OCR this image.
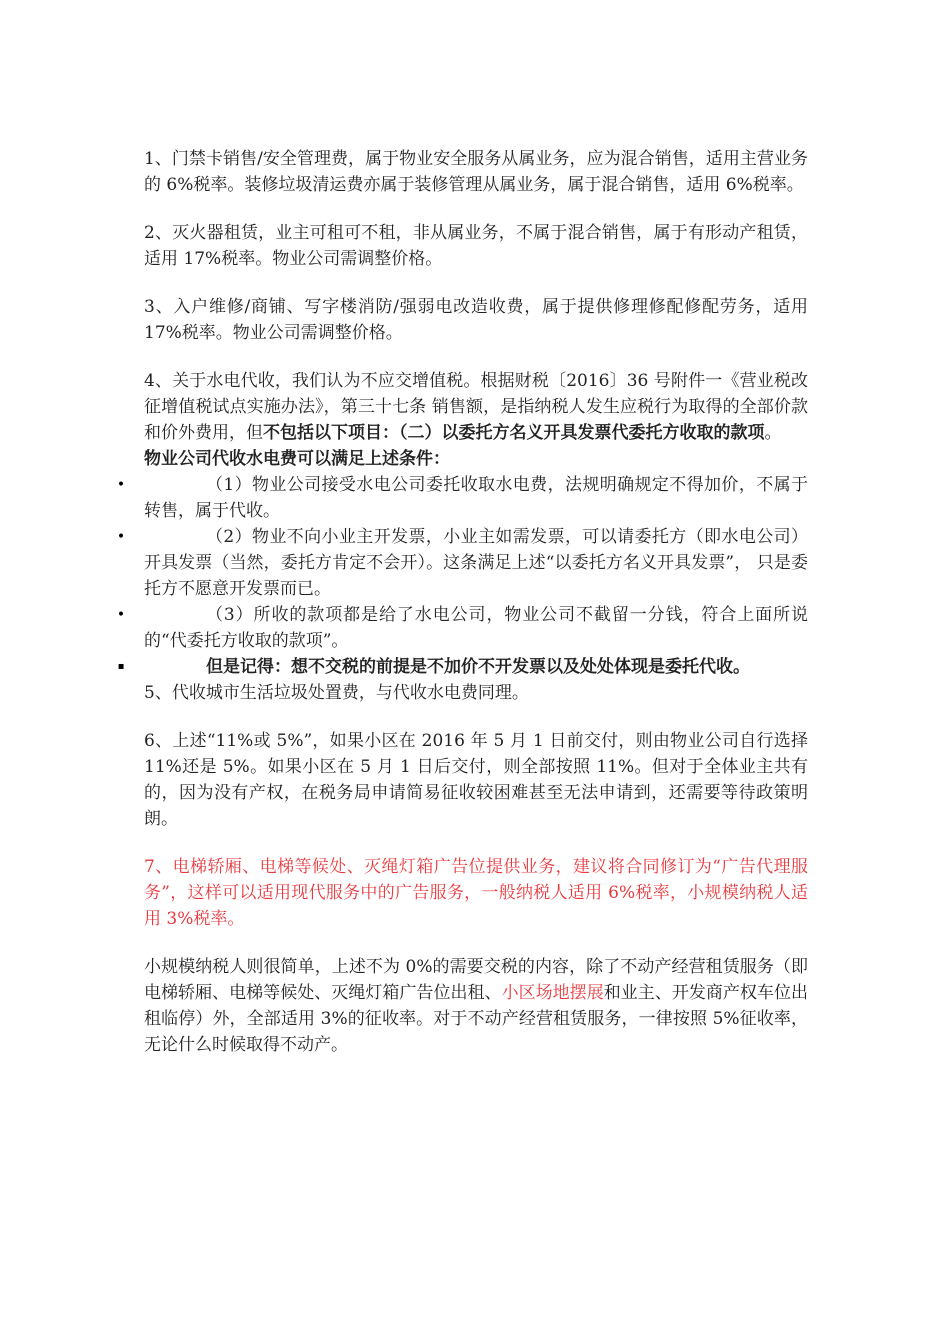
1、门禁卡销售/安全管理费，属于物业安全服务从属业务，应为混合销售，适用主营业务的 6%税率。装修垃圾清运费亦属于装修管理从属业务，属于混合销售，适用 6%税率。

2、灭火器租赁，业主可租可不租，非从属业务，不属于混合销售，属于有形动产租赁，适用 17%税率。物业公司需调整价格。

3、入户维修/商铺、写字楼消防/强弱电改造收费，属于提供修理修配修配劳务，适用 17%税率。物业公司需调整价格。

4、关于水电代收，我们认为不应交增值税。根据财税〔2016〕36 号附件一《营业税改征增值税试点实施办法》，第三十七条 销售额，是指纳税人发生应税行为取得的全部价款和价外费用，但不包括以下项目：（二）以委托方名义开具发票代委托方收取的款项。

物业公司代收水电费可以满足上述条件：

•	（1）物业公司接受水电公司委托收取水电费，法规明确规定不得加价，不属于转售，属于代收。
•	（2）物业不向小业主开发票，小业主如需发票，可以请委托方（即水电公司）开具发票（当然，委托方肯定不会开）。这条满足上述“以委托方名义开具发票”， 只是委托方不愿意开发票而已。
•	（3）所收的款项都是给了水电公司，物业公司不截留一分钱，符合上面所说的“代委托方收取的款项”。
▪	但是记得：想不交税的前提是不加价不开发票以及处处体现是委托代收。

5、代收城市生活垃圾处置费，与代收水电费同理。

6、上述“11%或 5%”，如果小区在 2016 年 5 月 1 日前交付，则由物业公司自行选择 11%还是 5%。如果小区在 5 月 1 日后交付，则全部按照 11%。但对于全体业主共有的，因为没有产权，在税务局申请简易征收较困难甚至无法申请到，还需要等待政策明朗。

7、电梯轿厢、电梯等候处、灭绳灯箱广告位提供业务，建议将合同修订为“广告代理服务”，这样可以适用现代服务中的广告服务，一般纳税人适用 6%税率，小规模纳税人适用 3%税率。

小规模纳税人则很简单，上述不为 0%的需要交税的内容，除了不动产经营租赁服务（即电梯轿厢、电梯等候处、灭绳灯箱广告位出租、小区场地摆展和业主、开发商产权车位出租临停）外，全部适用 3%的征收率。对于不动产经营租赁服务，一律按照 5%征收率，无论什么时候取得不动产。
